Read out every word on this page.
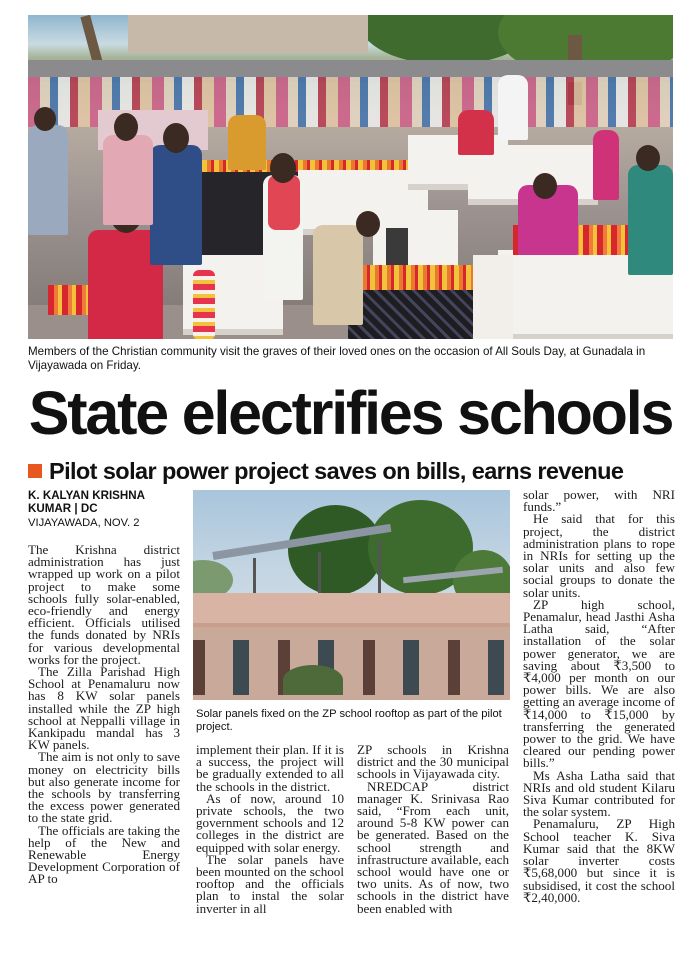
Members of the Christian community visit the graves of their loved ones on the occasion of All Souls Day, at Gunadala in Vijayawada on Friday.
State electrifies schools
Pilot solar power project saves on bills, earns revenue
K. KALYAN KRISHNA KUMAR | DC
VIJAYAWADA, NOV. 2

The Krishna district administration has just wrapped up work on a pilot project to make some schools fully solar-enabled, eco-friendly and energy efficient. Officials utilised the funds donated by NRIs for various developmental works for the project.

The Zilla Parishad High School at Penamaluru now has 8 KW solar panels installed while the ZP high school at Neppalli village in Kankipadu mandal has 3 KW panels.

The aim is not only to save money on electricity bills but also generate income for the schools by transferring the excess power generated to the state grid.

The officials are taking the help of the New and Renewable Energy Development Corporation of AP to

Solar panels fixed on the ZP school rooftop as part of the pilot project.

implement their plan. If it is a success, the project will be gradually extended to all the schools in the district.

As of now, around 10 private schools, the two government schools and 12 colleges in the district are equipped with solar energy.

The solar panels have been mounted on the school rooftop and the officials plan to instal the solar inverter in all

ZP schools in Krishna district and the 30 municipal schools in Vijayawada city.

NREDCAP district manager K. Srinivasa Rao said, “From each unit, around 5-8 KW power can be generated. Based on the school strength and infrastructure available, each school would have one or two units. As of now, two schools in the district have been enabled with

solar power, with NRI funds.”

He said that for this project, the district administration plans to rope in NRIs for setting up the solar units and also few social groups to donate the solar units.

ZP high school, Penamalur, head Jasthi Asha Latha said, “After installation of the solar power generator, we are saving about ₹3,500 to ₹4,000 per month on our power bills. We are also getting an average income of ₹14,000 to ₹15,000 by transferring the generated power to the grid. We have cleared our pending power bills.”

Ms Asha Latha said that NRIs and old student Kilaru Siva Kumar contributed for the solar system.

Penamaluru, ZP High School teacher K. Siva Kumar said that the 8KW solar inverter costs ₹5,68,000 but since it is subsidised, it cost the school ₹2,40,000.
